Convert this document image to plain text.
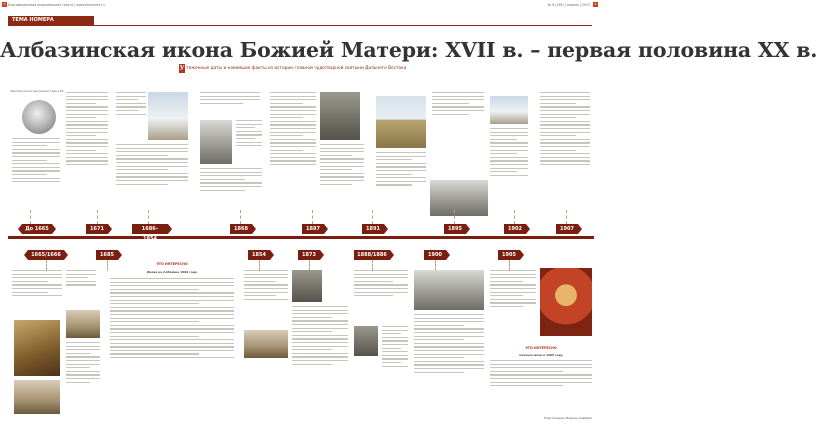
8 Благовещенская епархиальная газета | www.amurvera.ru	№ 6 (165) | апрель | 2015	9
ТЕМА НОМЕРА
Албазинская икона Божией Матери: XVII в. – первая половина XX в.
У тяженные даты и новейшие факты из истории главной чудотворной святыни Дальнего Востока
Памятная монета Центрального банка РФ
До 1665	1671	1686–1854
1868	1887	1891	1895	1902	1907
1665/1666	1685	1854	1873	1888/1886	1900	1905
ЭТО ИНТЕРЕСНО
Икона на Албазине 1666 года
ЭТО ИНТЕРЕСНО
Сколько икон в 1905 году
Подготовила Марина Альбери
